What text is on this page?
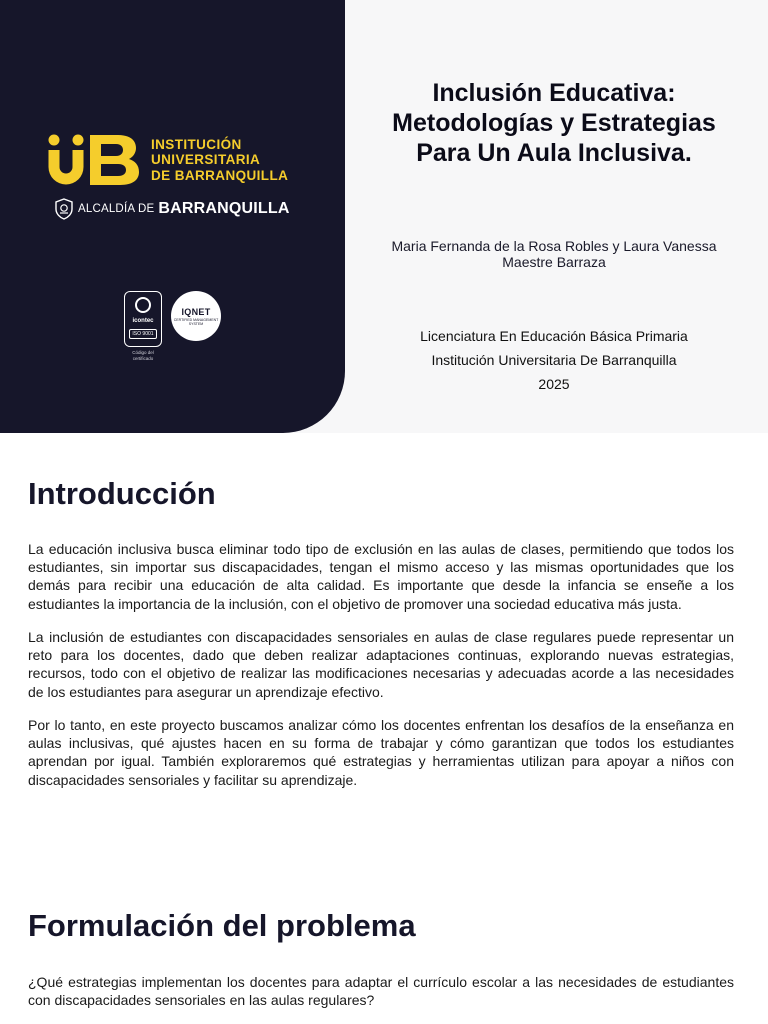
INSTITUCIÓN
UNIVERSITARIA
DE BARRANQUILLA
ALCALDÍA DE BARRANQUILLA
icontec
ISO 9001
Código del certificado
IQNET
CERTIFIED MANAGEMENT SYSTEM
Inclusión Educativa:
Metodologías y Estrategias
Para Un Aula Inclusiva.
Maria Fernanda de la Rosa Robles y Laura Vanessa Maestre Barraza
Licenciatura En Educación Básica Primaria
Institución Universitaria De Barranquilla
2025
Introducción

La educación inclusiva busca eliminar todo tipo de exclusión en las aulas de clases, permitiendo que todos los estudiantes, sin importar sus discapacidades, tengan el mismo acceso y las mismas oportunidades que los demás para recibir una educación de alta calidad. Es importante que desde la infancia se enseñe a los estudiantes la importancia de la inclusión, con el objetivo de promover una sociedad educativa más justa.

La inclusión de estudiantes con discapacidades sensoriales en aulas de clase regulares puede representar un reto para los docentes, dado que deben realizar adaptaciones continuas, explorando nuevas estrategias, recursos, todo con el objetivo de realizar las modificaciones necesarias y adecuadas acorde a las necesidades de los estudiantes para asegurar un aprendizaje efectivo.

Por lo tanto, en este proyecto buscamos analizar cómo los docentes enfrentan los desafíos de la enseñanza en aulas inclusivas, qué ajustes hacen en su forma de trabajar y cómo garantizan que todos los estudiantes aprendan por igual. También exploraremos qué estrategias y herramientas utilizan para apoyar a niños con discapacidades sensoriales y facilitar su aprendizaje.

Formulación del problema

¿Qué estrategias implementan los docentes para adaptar el currículo escolar a las necesidades de estudiantes con discapacidades sensoriales en las aulas regulares?
